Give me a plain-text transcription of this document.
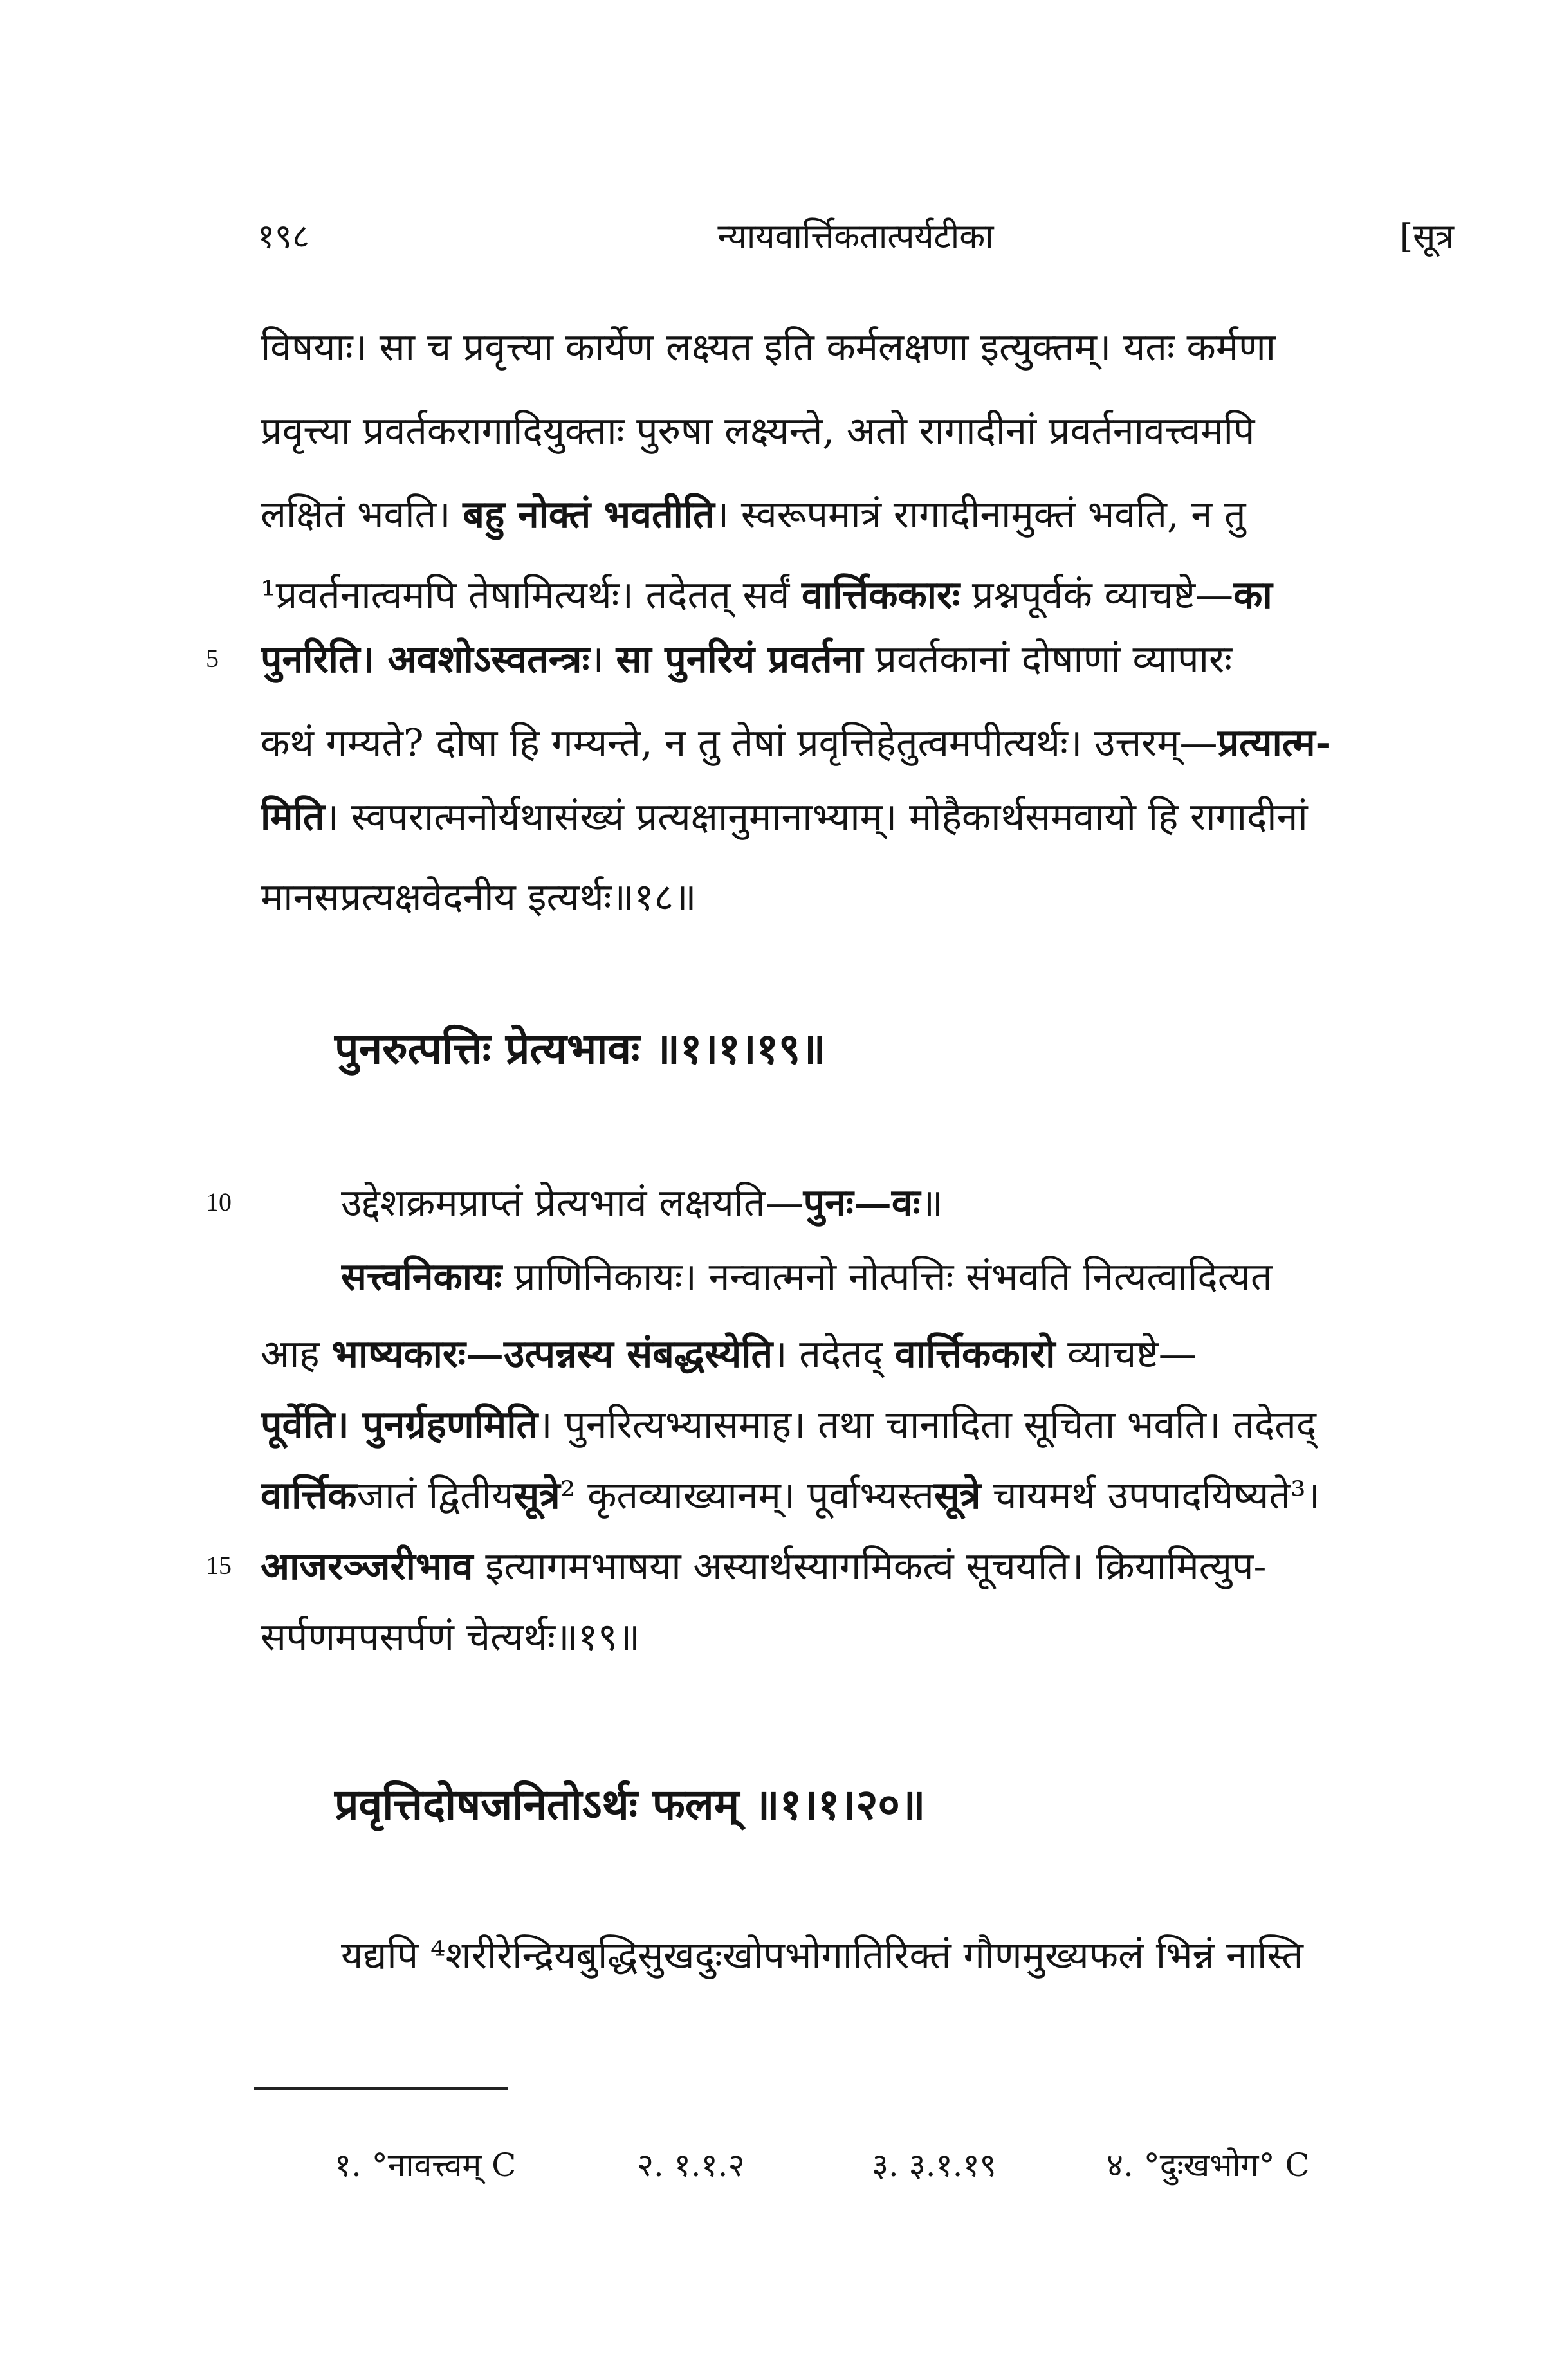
१९८	न्यायवार्त्तिकतात्पर्यटीका	[सूत्र
विषयाः। सा च प्रवृत्त्या कार्येण लक्ष्यत इति कर्मलक्षणा इत्युक्तम्। यतः कर्मणा
प्रवृत्त्या प्रवर्तकरागादियुक्ताः पुरुषा लक्ष्यन्ते, अतो रागादीनां प्रवर्तनावत्त्वमपि
लक्षितं भवति। बहु नोक्तं भवतीति। स्वरूपमात्रं रागादीनामुक्तं भवति, न तु
¹प्रवर्तनात्वमपि तेषामित्यर्थः। तदेतत् सर्वं वार्त्तिककारः प्रश्नपूर्वकं व्याचष्टे—का
5 पुनरिति। अवशोऽस्वतन्त्रः। सा पुनरियं प्रवर्तना प्रवर्तकानां दोषाणां व्यापारः
कथं गम्यते? दोषा हि गम्यन्ते, न तु तेषां प्रवृत्तिहेतुत्वमपीत्यर्थः। उत्तरम्—प्रत्यात्म-
मिति। स्वपरात्मनोर्यथासंख्यं प्रत्यक्षानुमानाभ्याम्। मोहैकार्थसमवायो हि रागादीनां
मानसप्रत्यक्षवेदनीय इत्यर्थः॥१८॥
पुनरुत्पत्तिः प्रेत्यभावः ॥१।१।१९॥
10	उद्देशक्रमप्राप्तं प्रेत्यभावं लक्षयति—पुनः—वः॥
सत्त्वनिकायः प्राणिनिकायः। नन्वात्मनो नोत्पत्तिः संभवति नित्यत्वादित्यत
आह भाष्यकारः—उत्पन्नस्य संबद्धस्येति। तदेतद् वार्त्तिककारो व्याचष्टे—
पूर्वेति। पुनर्ग्रहणमिति। पुनरित्यभ्यासमाह। तथा चानादिता सूचिता भवति। तदेतद्
वार्त्तिकजातं द्वितीयसूत्रे² कृतव्याख्यानम्। पूर्वाभ्यस्तसूत्रे चायमर्थ उपपादयिष्यते³।
15 आजरञ्जरीभाव इत्यागमभाषया अस्यार्थस्यागमिकत्वं सूचयति। क्रियामित्युप-
सर्पणमपसर्पणं चेत्यर्थः॥१९॥
प्रवृत्तिदोषजनितोऽर्थः फलम् ॥१।१।२०॥
यद्यपि ⁴शरीरेन्द्रियबुद्धिसुखदुःखोपभोगातिरिक्तं गौणमुख्यफलं भिन्नं नास्ति
१. °नावत्त्वम् C	२. १.१.२	३. ३.१.१९	४. °दुःखभोग° C
